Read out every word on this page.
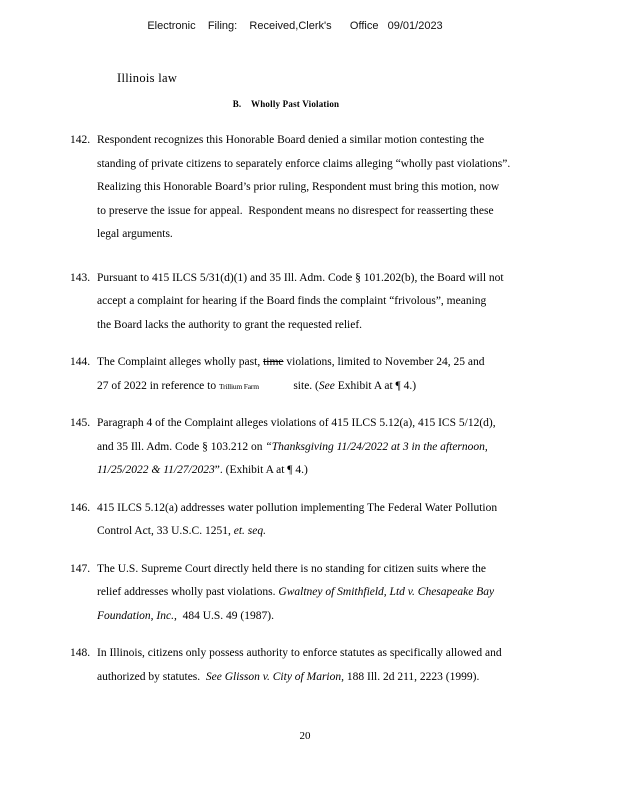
Electronic    Filing:    Received,Clerk's      Office   09/01/2023
Illinois law
B.    Wholly Past Violation
142. Respondent recognizes this Honorable Board denied a similar motion contesting the
standing of private citizens to separately enforce claims alleging “wholly past violations”.
Realizing this Honorable Board’s prior ruling, Respondent must bring this motion, now
to preserve the issue for appeal.  Respondent means no disrespect for reasserting these
legal arguments.
143. Pursuant to 415 ILCS 5/31(d)(1) and 35 Ill. Adm. Code § 101.202(b), the Board will not
accept a complaint for hearing if the Board finds the complaint “frivolous”, meaning
the Board lacks the authority to grant the requested relief.
144. The Complaint alleges wholly past, time violations, limited to November 24, 25 and
27 of 2022 in reference to Trillium Farm            site. (See Exhibit A at ¶ 4.)
145. Paragraph 4 of the Complaint alleges violations of 415 ILCS 5.12(a), 415 ICS 5/12(d),
and 35 Ill. Adm. Code § 103.212 on “Thanksgiving 11/24/2022 at 3 in the afternoon,
11/25/2022 & 11/27/2023”. (Exhibit A at ¶ 4.)
146. 415 ILCS 5.12(a) addresses water pollution implementing The Federal Water Pollution
Control Act, 33 U.S.C. 1251, et. seq.
147. The U.S. Supreme Court directly held there is no standing for citizen suits where the
relief addresses wholly past violations. Gwaltney of Smithfield, Ltd v. Chesapeake Bay
Foundation, Inc.,  484 U.S. 49 (1987).
148. In Illinois, citizens only possess authority to enforce statutes as specifically allowed and
authorized by statutes.  See Glisson v. City of Marion, 188 Ill. 2d 211, 2223 (1999).
20
